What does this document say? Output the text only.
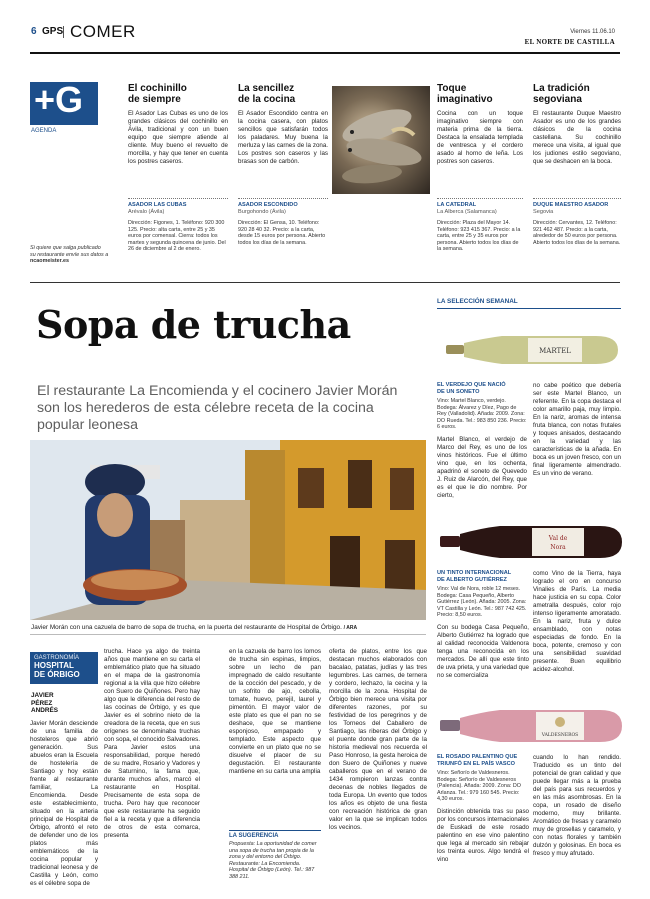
6 GPS COMER	Viernes 11.06.10
EL NORTE DE CASTILLA
+G
AGENDA
Si quiere que salga publicado
su restaurante envíe sus datos a
ncaomeister.es
El cochinillo
de siempre
El Asador Las Cubas es uno de los grandes clásicos del cochinillo en Ávila, tradicional y con un buen equipo que siempre atiende al cliente. Muy bueno el revuelto de morcilla, y hay que tener en cuenta los postres caseros.
ASADOR LAS CUBAS
Arévalo (Ávila)
Dirección: Figones, 1. Teléfono: 920 300 125. Precio: alta carta, entre 25 y 35 euros por comensal. Cierra: todos los martes y segunda quincena de junio. Del 26 de diciembre al 2 de enero.
La sencillez
de la cocina
El Asador Escondido centra en la cocina casera, con platos sencillos que satisfarán todos los paladares. Muy buena la merluza y las carnes de la zona. Los postres son caseros y las brasas son de carbón.
ASADOR ESCONDIDO
Burgohondo (Ávila)
Dirección: El Gensa, 10. Teléfono: 920 28 40 32. Precio: a la carta, desde 15 euros por persona. Abierto todos los días de la semana.
Toque
imaginativo
Cocina con un toque imaginativo siempre con materia prima de la tierra. Destaca la ensalada templada de ventresca y el cordero asado al horno de leña. Los postres son caseros.
LA CATEDRAL
La Alberca (Salamanca)
Dirección: Plaza del Mayor 14. Teléfono: 923 415 367. Precio: a la carta, entre 25 y 35 euros por persona. Abierto todos los días de la semana.
La tradición
segoviana
El restaurante Duque Maestro Asador es uno de los grandes clásicos de la cocina castellana. Su cochinillo merece una visita, al igual que los judiones estilo segoviano, que se deshacen en la boca.
DUQUE MAESTRO ASADOR
Segovia
Dirección: Cervantes, 12. Teléfono: 921 462 487. Precio: a la carta, alrededor de 50 euros por persona. Abierto todos los días de la semana.
Sopa de trucha
El restaurante La Encomienda y el cocinero Javier Morán son los herederos de esta célebre receta de la cocina popular leonesa
Javier Morán con una cazuela de barro de sopa de trucha, en la puerta del restaurante de Hospital de Órbigo. / ARA
GASTRONOMÍA
HOSPITAL
DE ÓRBIGO
JAVIER
PÉREZ
ANDRÉS
Javier Morán desciende de una familia de hosteleros que abrió generación. Sus abuelos eran la Escuela de hostelería de Santiago y hoy están frente al restaurante familiar, La Encomienda. Desde este establecimiento, situado en la arteria principal de Hospital de Órbigo, afrontó el reto de defender uno de los platos más emblemáticos de la cocina popular y tradicional leonesa y de Castilla y León, como es el célebre sopa de
trucha. Hace ya algo de treinta años que mantiene en su carta el emblemático plato que ha situado en el mapa de la gastronomía regional a la villa que hizo célebre con Suero de Quiñones. Pero hay algo que le diferencia del resto de las cocinas de Órbigo, y es que Javier es el sobrino nieto de la creadora de la receta, que en sus orígenes se denominaba truchas con sopa, el conocido Salvadores. Para Javier estos una responsabilidad, porque heredó de su madre, Rosario y Vadores y de Saturnino, la fama que, durante muchos años, marcó el restaurante en Hospital. Precisamente de esta sopa de trucha. Pero hay que reconocer que este restaurante ha seguido fiel a la receta y que a diferencia de otros de esta comarca, presenta
en la cazuela de barro los lomos de trucha sin espinas, limpios, sobre un lecho de pan impregnado de caldo resultante de la cocción del pescado, y de un sofrito de ajo, cebolla, tomate, huevo, perejil, laurel y pimentón. El mayor valor de este plato es que el pan no se deshace, que se mantiene esponjoso, empapado y templado. Este aspecto que convierte en un plato que no se disuelve el placer de su degustación. El restaurante mantiene en su carta una amplia
LA SUGERENCIA
Propuesta: La oportunidad de comer una sopa de trucha tan propia de la zona y del entorno del Órbigo. Restaurante: La Encomienda. Hospital de Órbigo (León). Tel.: 987 388 211.
oferta de platos, entre los que destacan muchos elaborados con bacalao, patatas, judías y las tres legumbres. Las carnes, de ternera y cordero, lechazo, la cecina y la morcilla de la zona. Hospital de Órbigo bien merece una visita por diferentes razones, por su festividad de los peregrinos y de los Torneos del Caballero de Santiago, las riberas del Órbigo y el puente donde gran parte de la historia medieval nos recuerda el Paso Honroso, la gesta heroica de don Suero de Quiñones y nueve caballeros que en el verano de 1434 rompieron lanzas contra decenas de nobles llegados de toda Europa. Un evento que todos los años es objeto de una fiesta con recreación histórica de gran valor en la que se implican todos los vecinos.
LA SELECCIÓN SEMANAL
MARTEL
EL VERDEJO QUE NACIÓ
DE UN SONETO
Vino: Martel Blanco, verdejo. Bodega: Álvarez y Díez, Pago de Rey (Valladolid). Añada: 2009. Zona: DO Rueda. Tel.: 983 850 236. Precio: 6 euros.
Martel Blanco, el verdejo de Marco del Rey, es uno de los vinos históricos. Fue el último vino que, en los ochenta, apadrinó el soneto de Quevedo J. Ruiz de Alarcón, del Rey, que es el que le dio nombre. Por cierto,
no cabe poético que debería ser este Martel Blanco, un referente. En la copa destaca el color amarillo paja, muy limpio. En la nariz, aromas de intensa fruta blanca, con notas frutales y toques anisados, destacando en la variedad y las características de la añada. En boca es un joven fresco, con un final ligeramente almendrado. Es un vino de verano.
Val de
Nora
UN TINTO INTERNACIONAL
DE ALBERTO GUTIÉRREZ
Vino: Val de Nora, roble 12 meses. Bodega: Casa Pequeño, Alberto Gutiérrez (León). Añada: 2005. Zona: VT Castilla y León. Tel.: 987 742 425. Precio: 8,50 euros.
Con su bodega Casa Pequeño, Alberto Gutiérrez ha logrado que al calidad reconocida Valdenora tenga una reconocida en los mercados. De allí que este tinto de uva prieta, y una variedad que no se comercializa
como Vino de la Tierra, haya logrado el oro en concurso Vinalies de París. La media hace justicia en su copa. Color ametralla después, color rojo intenso ligeramente amoratado. En la nariz, fruta y dulce ensamblado, con notas especiadas de fondo. En la boca, potente, cremoso y con una sensibilidad suavidad presente. Buen equilibrio acidez-alcohol.
VALDESNEROS
EL ROSADO PALENTINO QUE
TRIUNFÓ EN EL PAÍS VASCO
Vino: Señorío de Valdesneros. Bodega: Señorío de Valdesneros (Palencia). Añada: 2009. Zona: DO Arlanza. Tel.: 979 160 545. Precio: 4,30 euros.
Distinción obtenida tras su paso por los concursos internacionales de Euskadi de este rosado palentino en ese vino palentino que lega al mercado sin rebajar los treinta euros. Algo tendrá el vino
cuando lo han rendido. Traducido es un tinto del potencial de gran calidad y que puede llegar más a la prueba del país para sus recuerdos y en las más asombrosas. En la copa, un rosado de diseño moderno, muy brillante. Aromático de fresas y caramelo muy de grosellas y caramelo, y con notas florales y también dulzón y golosinas. En boca es fresco y muy afrutado.
